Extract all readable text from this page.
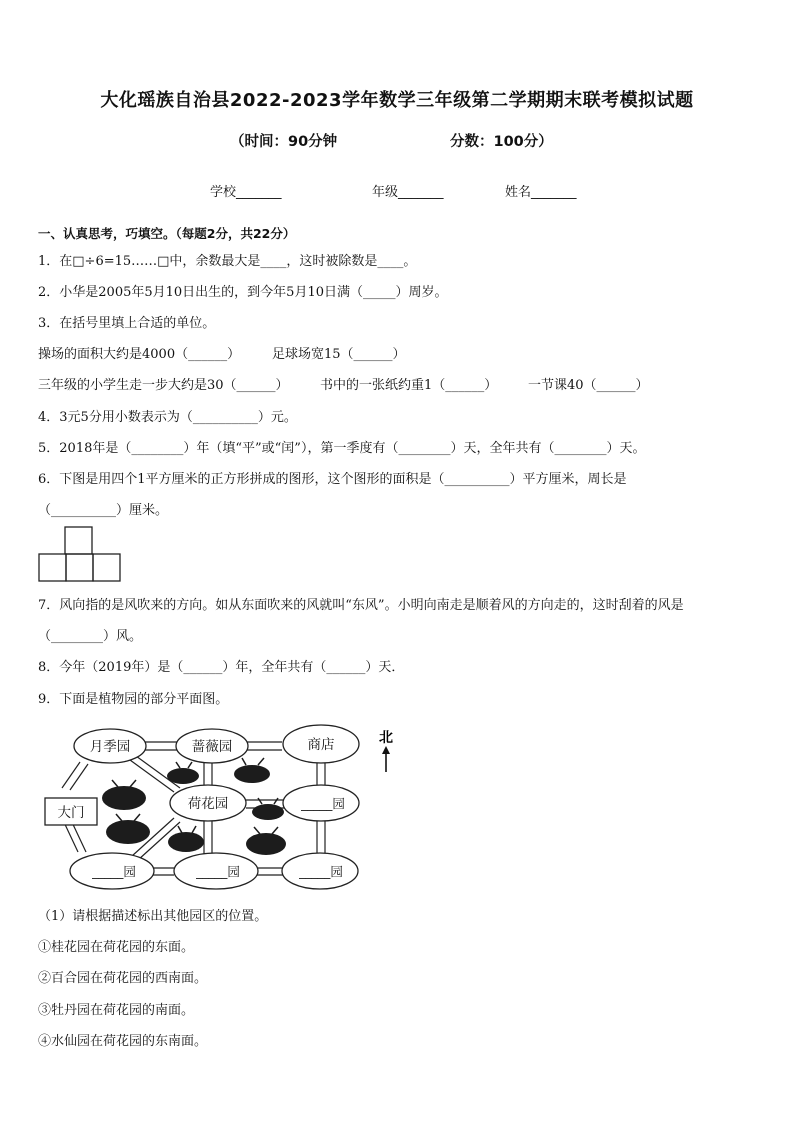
大化瑶族自治县2022-2023学年数学三年级第二学期期末联考模拟试题
（时间：90分钟	分数：100分）
学校_______	年级_______	姓名_______
一、认真思考，巧填空。（每题2分，共22分）
1．在□÷6=15……□中，余数最大是____，这时被除数是____。
2．小华是2005年5月10日出生的，到今年5月10日满（_____）周岁。
3．在括号里填上合适的单位。
操场的面积大约是4000（______） 足球场宽15（______）
三年级的小学生走一步大约是30（______） 书中的一张纸约重1（______） 一节课40（______）
4．3元5分用小数表示为（__________）元。
5．2018年是（________）年（填“平”或“闰”），第一季度有（________）天，全年共有（________）天。
6．下图是用四个1平方厘米的正方形拼成的图形，这个图形的面积是（__________）平方厘米，周长是
（__________）厘米。
7．风向指的是风吹来的方向。如从东面吹来的风就叫“东风”。小明向南走是顺着风的方向走的，这时刮着的风是
（________）风。
8．今年（2019年）是（______）年，全年共有（______）天．
9．下面是植物园的部分平面图。
月季园	蔷薇园	商店
荷花园	_____园
_____园	_____园	_____园
大门
北
（1）请根据描述标出其他园区的位置。
①桂花园在荷花园的东面。
②百合园在荷花园的西南面。
③牡丹园在荷花园的南面。
④水仙园在荷花园的东南面。
